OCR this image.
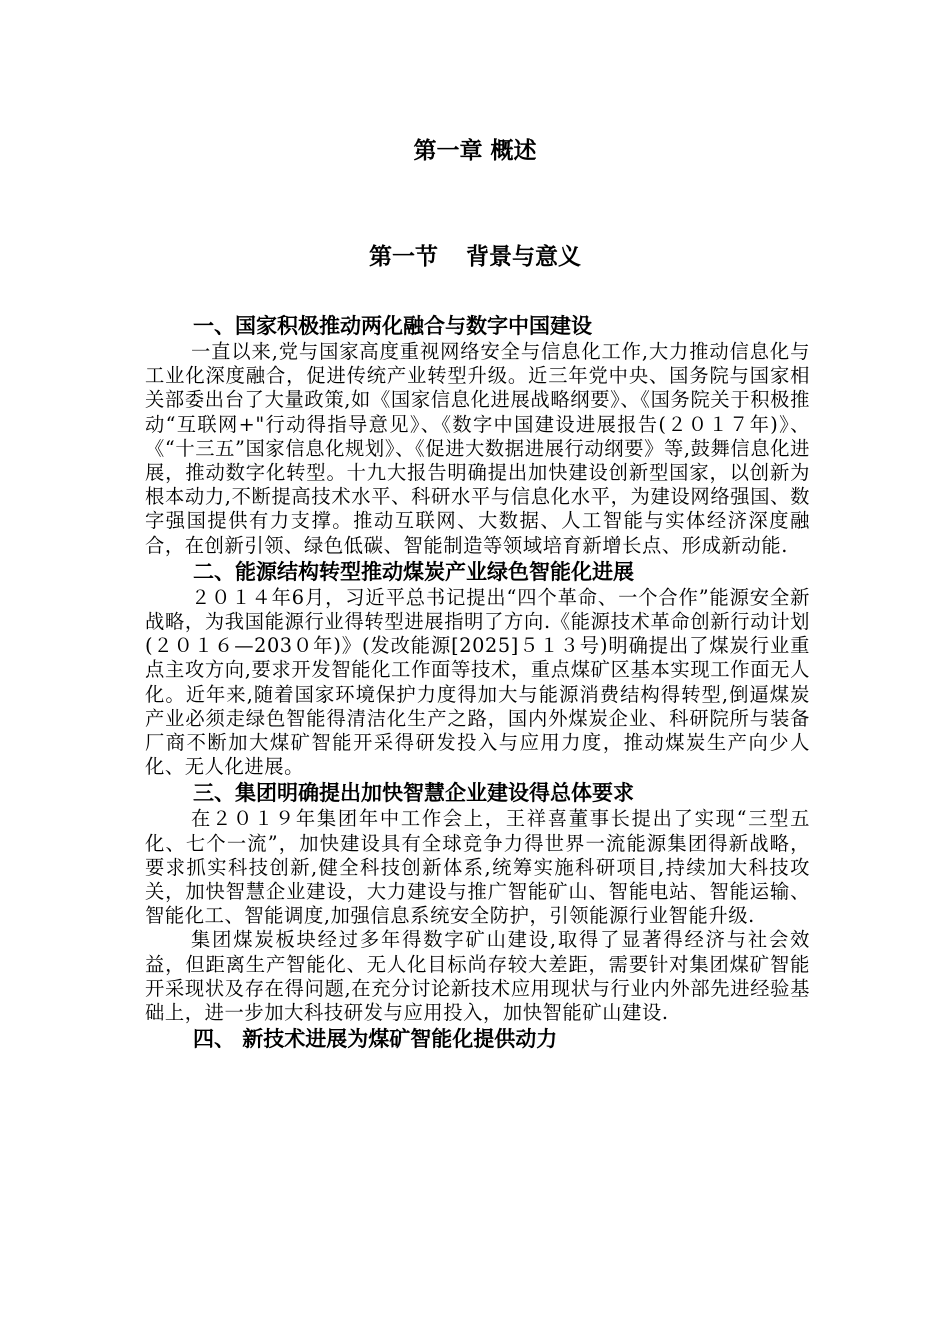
第一章 概述
第一节 背景与意义
一、国家积极推动两化融合与数字中国建设

一直以来,党与国家高度重视网络安全与信息化工作,大力推动信息化与工业化深度融合，促进传统产业转型升级。近三年党中央、国务院与国家相关部委出台了大量政策,如《国家信息化进展战略纲要》、《国务院关于积极推动“互联网+"行动得指导意见》、《数字中国建设进展报告(２０１７年)》、《“十三五”国家信息化规划》、《促进大数据进展行动纲要》等,鼓舞信息化进展，推动数字化转型。十九大报告明确提出加快建设创新型国家，以创新为根本动力,不断提高技术水平、科研水平与信息化水平，为建设网络强国、数字强国提供有力支撑。推动互联网、大数据、人工智能与实体经济深度融合，在创新引领、绿色低碳、智能制造等领域培育新增长点、形成新动能.

二、能源结构转型推动煤炭产业绿色智能化进展

２０１４年6月，习近平总书记提出“四个革命、一个合作”能源安全新战略，为我国能源行业得转型进展指明了方向.《能源技术革命创新行动计划(２０１６—203０年)》(发改能源[2025]５１３号)明确提出了煤炭行业重点主攻方向,要求开发智能化工作面等技术，重点煤矿区基本实现工作面无人化。近年来,随着国家环境保护力度得加大与能源消费结构得转型,倒逼煤炭产业必须走绿色智能得清洁化生产之路，国内外煤炭企业、科研院所与装备厂商不断加大煤矿智能开采得研发投入与应用力度，推动煤炭生产向少人化、无人化进展。

三、集团明确提出加快智慧企业建设得总体要求

在２０１９年集团年中工作会上，王祥喜董事长提出了实现“三型五化、七个一流”，加快建设具有全球竞争力得世界一流能源集团得新战略，要求抓实科技创新,健全科技创新体系,统筹实施科研项目,持续加大科技攻关，加快智慧企业建设，大力建设与推广智能矿山、智能电站、智能运输、智能化工、智能调度,加强信息系统安全防护，引领能源行业智能升级.

集团煤炭板块经过多年得数字矿山建设,取得了显著得经济与社会效益，但距离生产智能化、无人化目标尚存较大差距，需要针对集团煤矿智能开采现状及存在得问题,在充分讨论新技术应用现状与行业内外部先进经验基础上，进一步加大科技研发与应用投入，加快智能矿山建设.

四、 新技术进展为煤矿智能化提供动力
